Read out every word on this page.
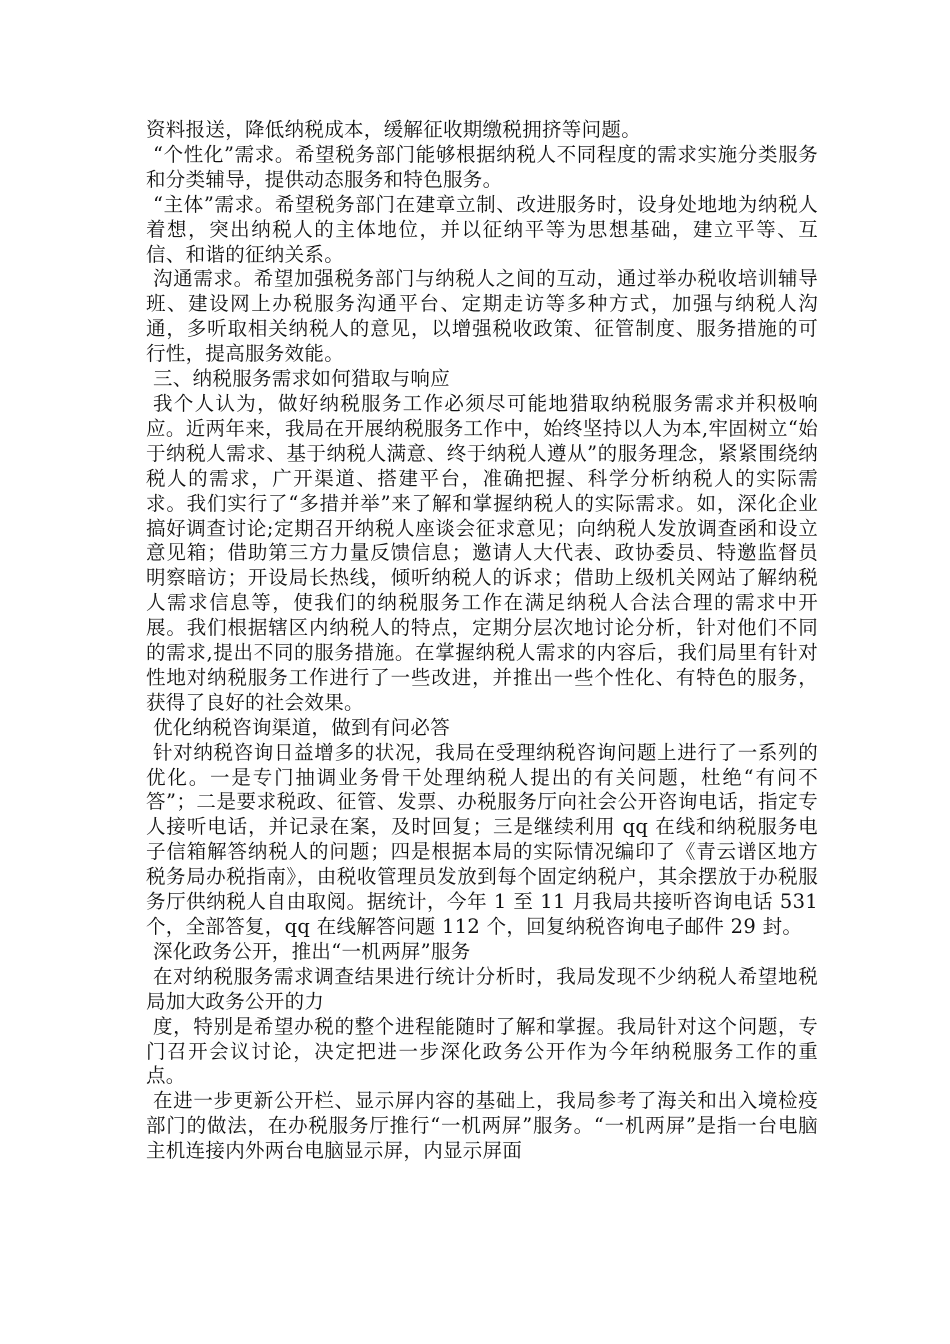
资料报送，降低纳税成本，缓解征收期缴税拥挤等问题。

“个性化”需求。希望税务部门能够根据纳税人不同程度的需求实施分类服务和分类辅导，提供动态服务和特色服务。

“主体”需求。希望税务部门在建章立制、改进服务时，设身处地地为纳税人着想，突出纳税人的主体地位，并以征纳平等为思想基础，建立平等、互信、和谐的征纳关系。

沟通需求。希望加强税务部门与纳税人之间的互动，通过举办税收培训辅导班、建设网上办税服务沟通平台、定期走访等多种方式，加强与纳税人沟通，多听取相关纳税人的意见，以增强税收政策、征管制度、服务措施的可行性，提高服务效能。

三、纳税服务需求如何猎取与响应

我个人认为，做好纳税服务工作必须尽可能地猎取纳税服务需求并积极响应。近两年来，我局在开展纳税服务工作中，始终坚持以人为本,牢固树立“始于纳税人需求、基于纳税人满意、终于纳税人遵从”的服务理念，紧紧围绕纳税人的需求，广开渠道、搭建平台，准确把握、科学分析纳税人的实际需求。我们实行了“多措并举”来了解和掌握纳税人的实际需求。如，深化企业搞好调查讨论;定期召开纳税人座谈会征求意见；向纳税人发放调查函和设立意见箱；借助第三方力量反馈信息；邀请人大代表、政协委员、特邀监督员明察暗访；开设局长热线，倾听纳税人的诉求；借助上级机关网站了解纳税人需求信息等，使我们的纳税服务工作在满足纳税人合法合理的需求中开展。我们根据辖区内纳税人的特点，定期分层次地讨论分析，针对他们不同的需求,提出不同的服务措施。在掌握纳税人需求的内容后，我们局里有针对性地对纳税服务工作进行了一些改进，并推出一些个性化、有特色的服务，获得了良好的社会效果。

优化纳税咨询渠道，做到有问必答

针对纳税咨询日益增多的状况，我局在受理纳税咨询问题上进行了一系列的优化。一是专门抽调业务骨干处理纳税人提出的有关问题，杜绝“有问不答”；二是要求税政、征管、发票、办税服务厅向社会公开咨询电话，指定专人接听电话，并记录在案，及时回复；三是继续利用 qq 在线和纳税服务电子信箱解答纳税人的问题；四是根据本局的实际情况编印了《青云谱区地方税务局办税指南》，由税收管理员发放到每个固定纳税户，其余摆放于办税服务厅供纳税人自由取阅。据统计，今年 1 至 11 月我局共接听咨询电话 531 个，全部答复，qq 在线解答问题 112 个，回复纳税咨询电子邮件 29 封。

深化政务公开，推出“一机两屏”服务

在对纳税服务需求调查结果进行统计分析时，我局发现不少纳税人希望地税局加大政务公开的力

度，特别是希望办税的整个进程能随时了解和掌握。我局针对这个问题，专门召开会议讨论，决定把进一步深化政务公开作为今年纳税服务工作的重点。

在进一步更新公开栏、显示屏内容的基础上，我局参考了海关和出入境检疫部门的做法，在办税服务厅推行“一机两屏”服务。“一机两屏”是指一台电脑主机连接内外两台电脑显示屏，内显示屏面
